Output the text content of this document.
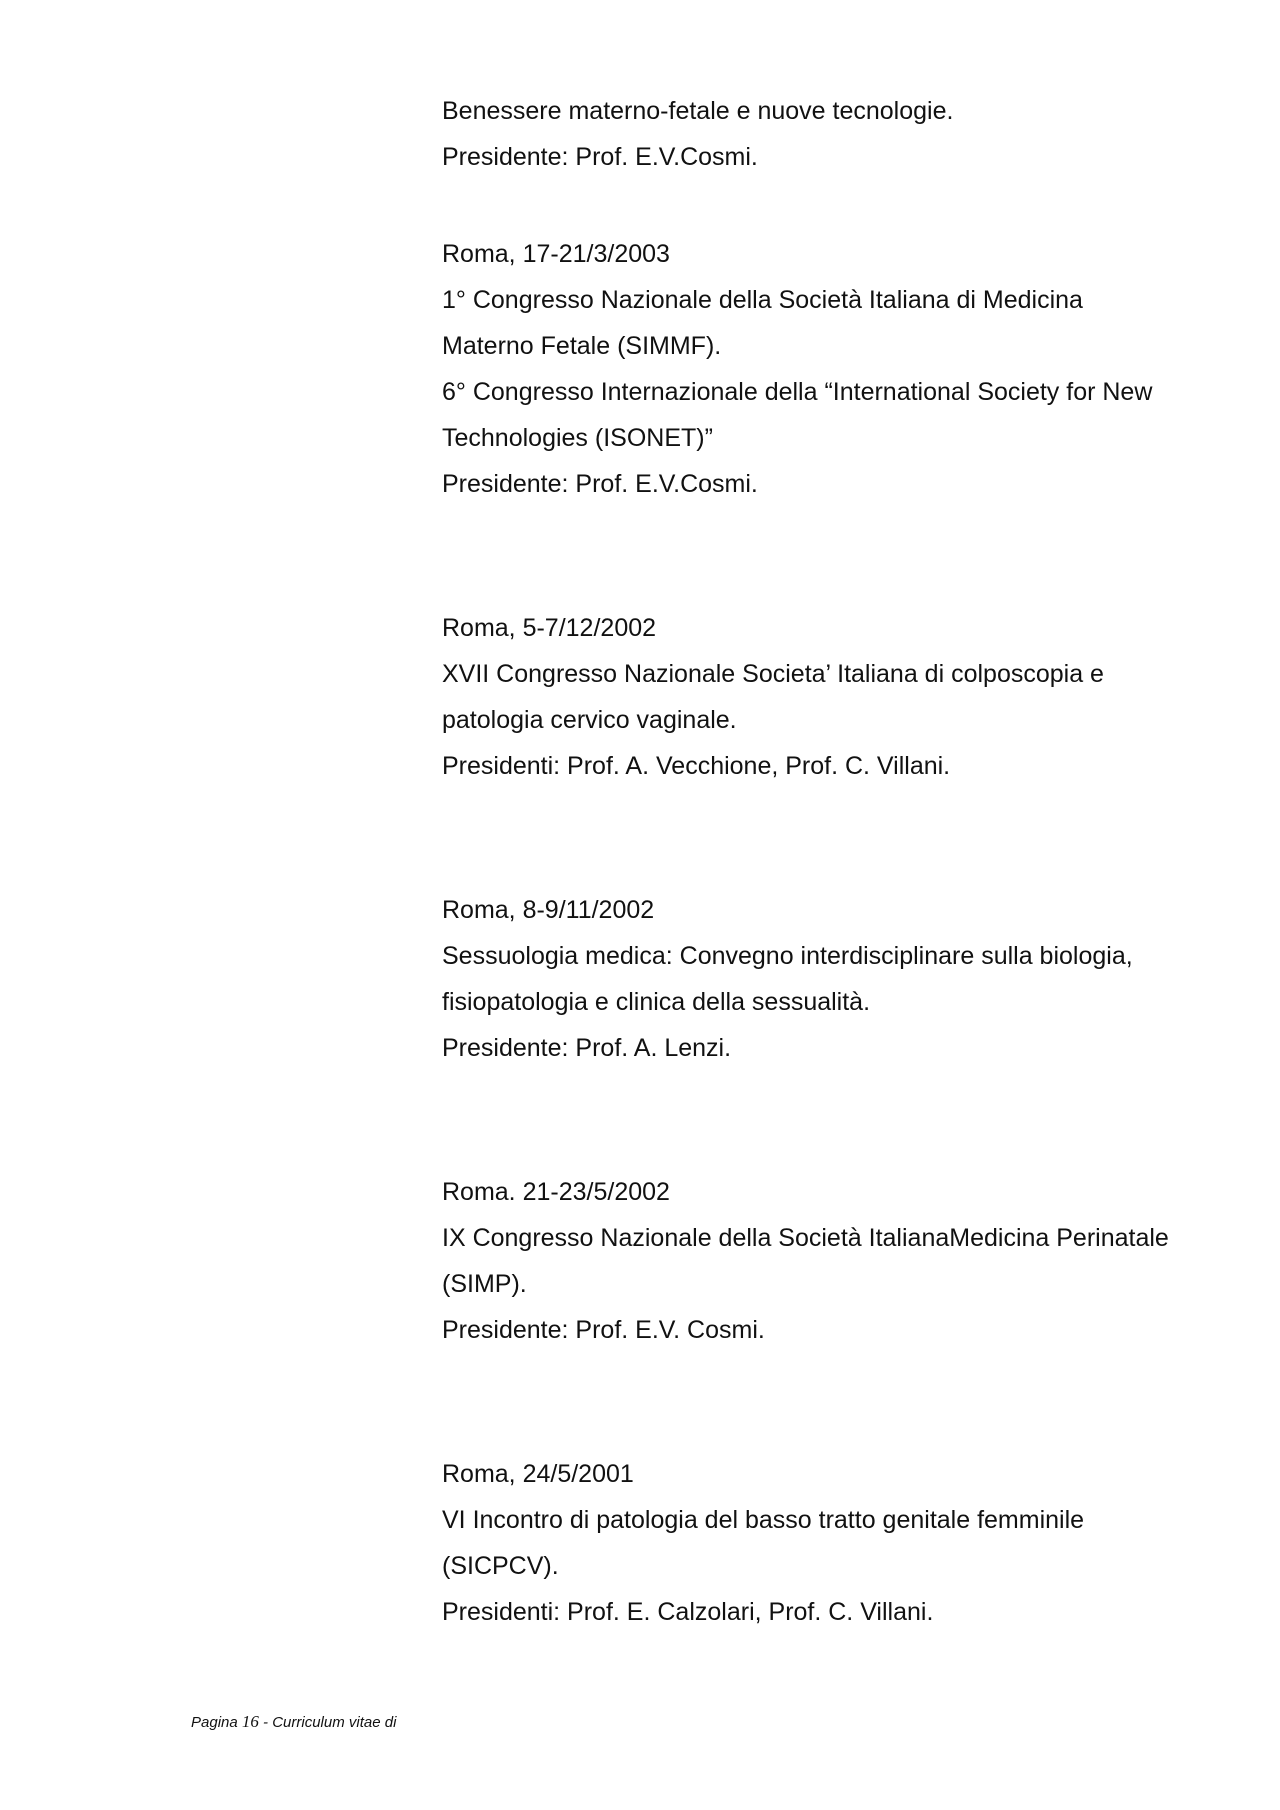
Benessere materno-fetale e nuove tecnologie.
Presidente: Prof. E.V.Cosmi.
Roma, 17-21/3/2003
1° Congresso Nazionale della Società Italiana di Medicina
Materno Fetale (SIMMF).
6° Congresso Internazionale della “International Society for New
Technologies (ISONET)”
Presidente: Prof. E.V.Cosmi.
Roma, 5-7/12/2002
XVII Congresso Nazionale Societa’ Italiana di colposcopia e
patologia cervico vaginale.
Presidenti: Prof. A. Vecchione, Prof. C. Villani.
Roma, 8-9/11/2002
Sessuologia medica: Convegno interdisciplinare sulla biologia,
fisiopatologia e clinica della sessualità.
Presidente: Prof. A. Lenzi.
Roma. 21-23/5/2002
IX Congresso Nazionale della Società ItalianaMedicina Perinatale
(SIMP).
Presidente: Prof. E.V. Cosmi.
Roma, 24/5/2001
VI Incontro di patologia del basso tratto genitale femminile
(SICPCV).
Presidenti: Prof. E. Calzolari, Prof. C. Villani.
Pagina 16 - Curriculum vitae di
